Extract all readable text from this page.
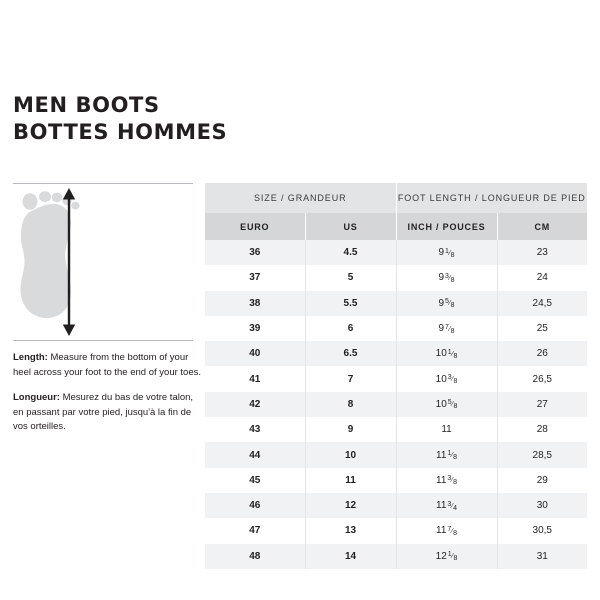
MEN BOOTS
BOTTES HOMMES

Length: Measure from the bottom of your heel across your foot to the end of your toes.

Longueur: Mesurez du bas de votre talon, en passant par votre pied, jusqu'à la fin de vos orteilles.

SIZE / GRANDEUR		FOOT LENGTH / LONGUEUR DE PIED	
EURO	US	INCH / POUCES	CM
36	4.5	91⁄8	23
37	5	93⁄8	24
38	5.5	95⁄8	24,5
39	6	97⁄8	25
40	6.5	101⁄8	26
41	7	103⁄8	26,5
42	8	105⁄8	27
43	9	11	28
44	10	111⁄8	28,5
45	11	113⁄8	29
46	12	113⁄4	30
47	13	117⁄8	30,5
48	14	121⁄8	31
